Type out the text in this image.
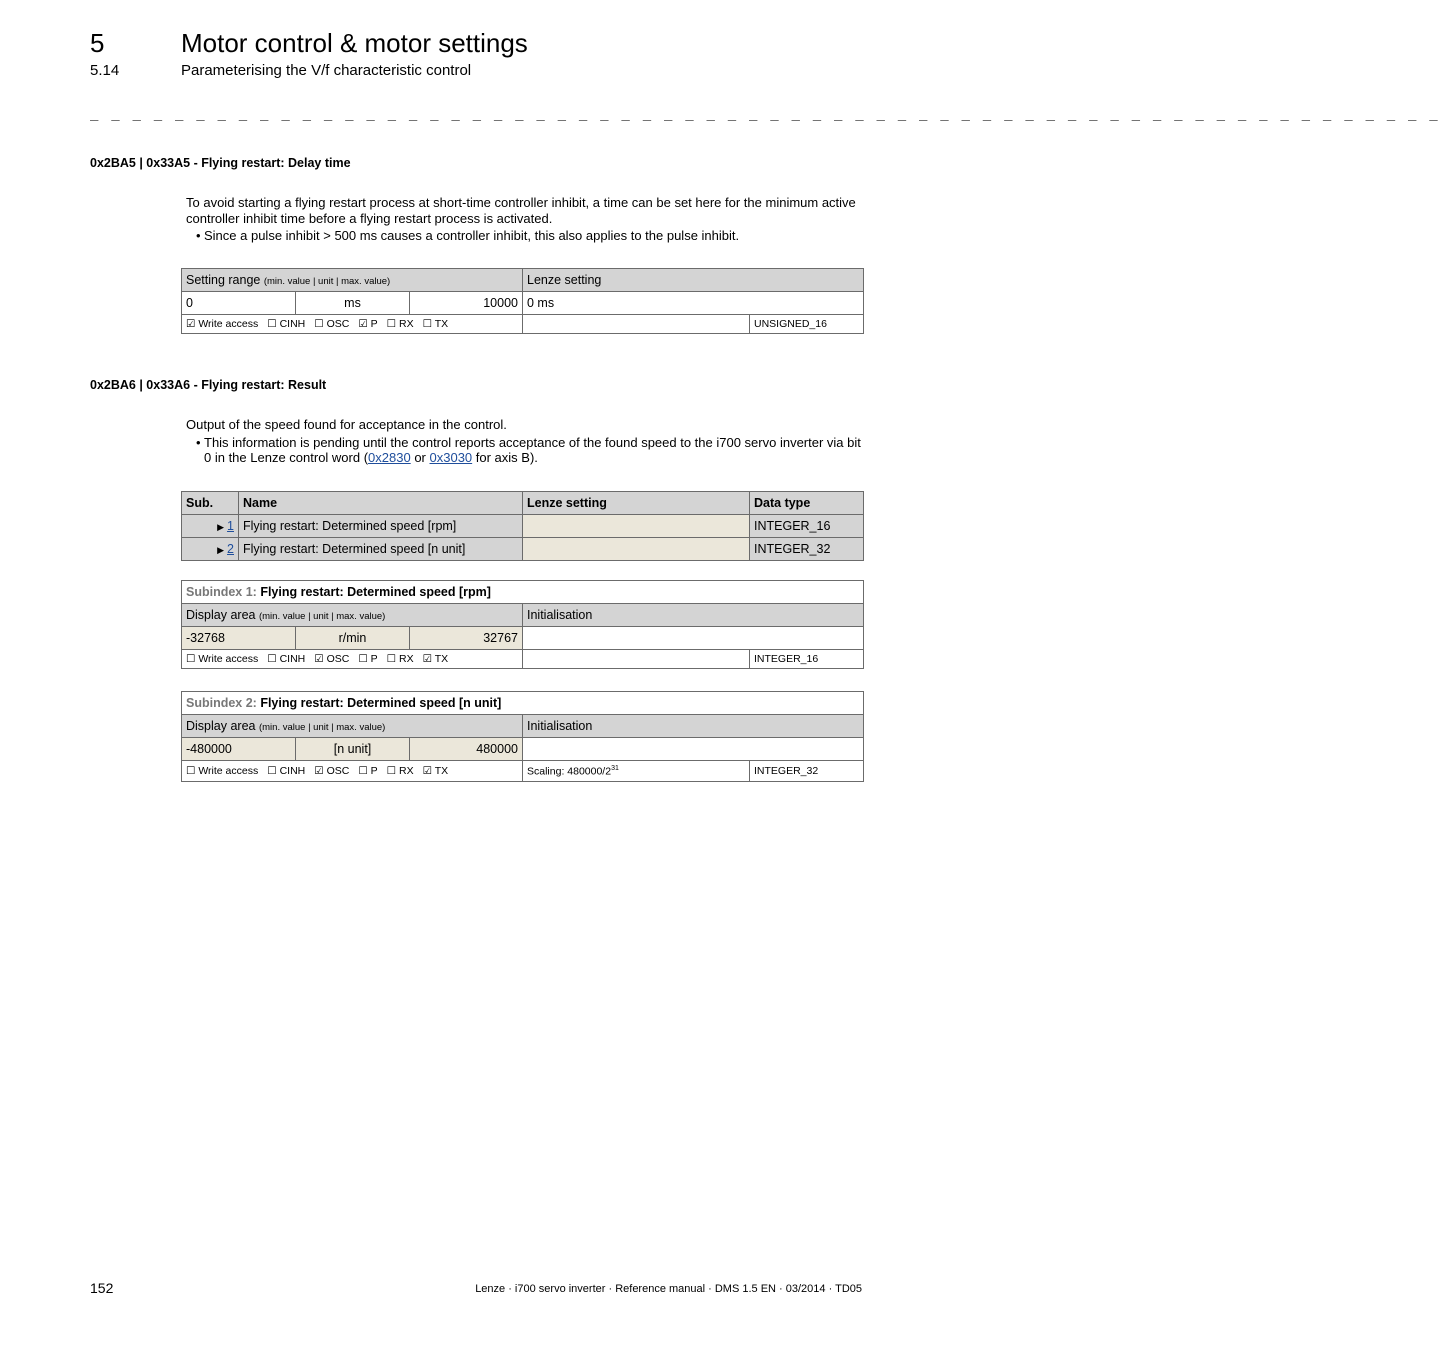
5	Motor control & motor settings
5.14	Parameterising the V/f characteristic control
_ _ _ _ _ _ _ _ _ _ _ _ _ _ _ _ _ _ _ _ _ _ _ _ _ _ _ _ _ _ _ _ _ _ _ _ _ _ _ _ _ _ _ _ _ _ _ _ _ _ _ _ _ _ _ _ _ _ _ _ _ _ _ _
0x2BA5 | 0x33A5 - Flying restart: Delay time
To avoid starting a flying restart process at short-time controller inhibit, a time can be set here for the minimum active controller inhibit time before a flying restart process is activated.
• Since a pulse inhibit > 500 ms causes a controller inhibit, this also applies to the pulse inhibit.
Setting range (min. value | unit | max. value)			Lenze setting	
0	ms	10000	0 ms	
☑ Write access ☐ CINH ☐ OSC ☑ P ☐ RX ☐ TX				UNSIGNED_16
0x2BA6 | 0x33A6 - Flying restart: Result
Output of the speed found for acceptance in the control.
• This information is pending until the control reports acceptance of the found speed to the i700 servo inverter via bit 0 in the Lenze control word (0x2830 or 0x3030 for axis B).
Sub.	Name	Lenze setting	Data type
▶ 1	Flying restart: Determined speed [rpm]		INTEGER_16
▶ 2	Flying restart: Determined speed [n unit]		INTEGER_32
Subindex 1: Flying restart: Determined speed [rpm]				
Display area (min. value | unit | max. value)			Initialisation	
-32768	r/min	32767		
☐ Write access ☐ CINH ☑ OSC ☐ P ☐ RX ☑ TX				INTEGER_16
Subindex 2: Flying restart: Determined speed [n unit]				
Display area (min. value | unit | max. value)			Initialisation	
-480000	[n unit]	480000		
☐ Write access ☐ CINH ☑ OSC ☐ P ☐ RX ☑ TX			Scaling: $480000/2^{31}$	INTEGER_32
152	Lenze · i700 servo inverter · Reference manual · DMS 1.5 EN · 03/2014 · TD05
